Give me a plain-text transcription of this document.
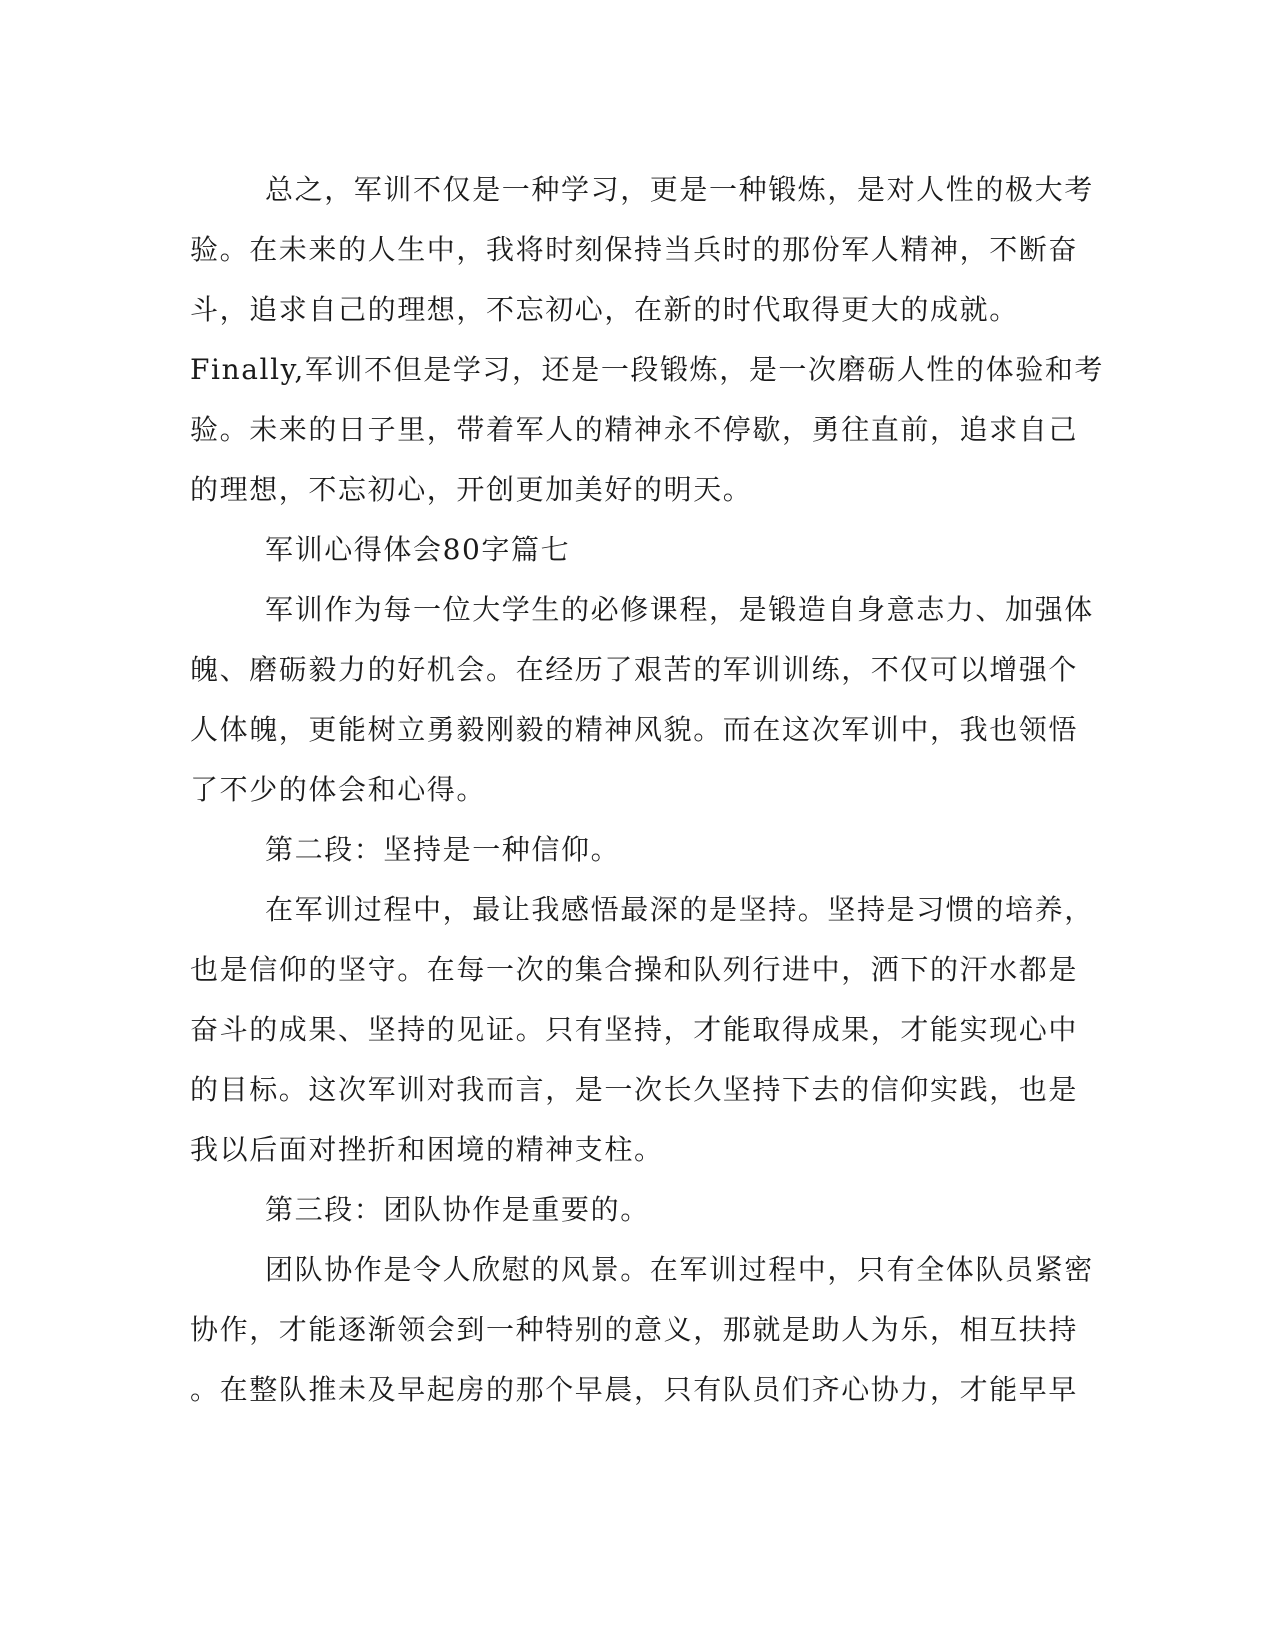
总之，军训不仅是一种学习，更是一种锻炼，是对人性的极大考

验。在未来的人生中，我将时刻保持当兵时的那份军人精神，不断奋

斗，追求自己的理想，不忘初心，在新的时代取得更大的成就。

Finally,军训不但是学习，还是一段锻炼，是一次磨砺人性的体验和考

验。未来的日子里，带着军人的精神永不停歇，勇往直前，追求自己

的理想，不忘初心，开创更加美好的明天。

军训心得体会80字篇七

军训作为每一位大学生的必修课程，是锻造自身意志力、加强体

魄、磨砺毅力的好机会。在经历了艰苦的军训训练，不仅可以增强个

人体魄，更能树立勇毅刚毅的精神风貌。而在这次军训中，我也领悟

了不少的体会和心得。

第二段：坚持是一种信仰。

在军训过程中，最让我感悟最深的是坚持。坚持是习惯的培养，

也是信仰的坚守。在每一次的集合操和队列行进中，洒下的汗水都是

奋斗的成果、坚持的见证。只有坚持，才能取得成果，才能实现心中

的目标。这次军训对我而言，是一次长久坚持下去的信仰实践，也是

我以后面对挫折和困境的精神支柱。

第三段：团队协作是重要的。

团队协作是令人欣慰的风景。在军训过程中，只有全体队员紧密

协作，才能逐渐领会到一种特别的意义，那就是助人为乐，相互扶持

。在整队推未及早起房的那个早晨，只有队员们齐心协力，才能早早
